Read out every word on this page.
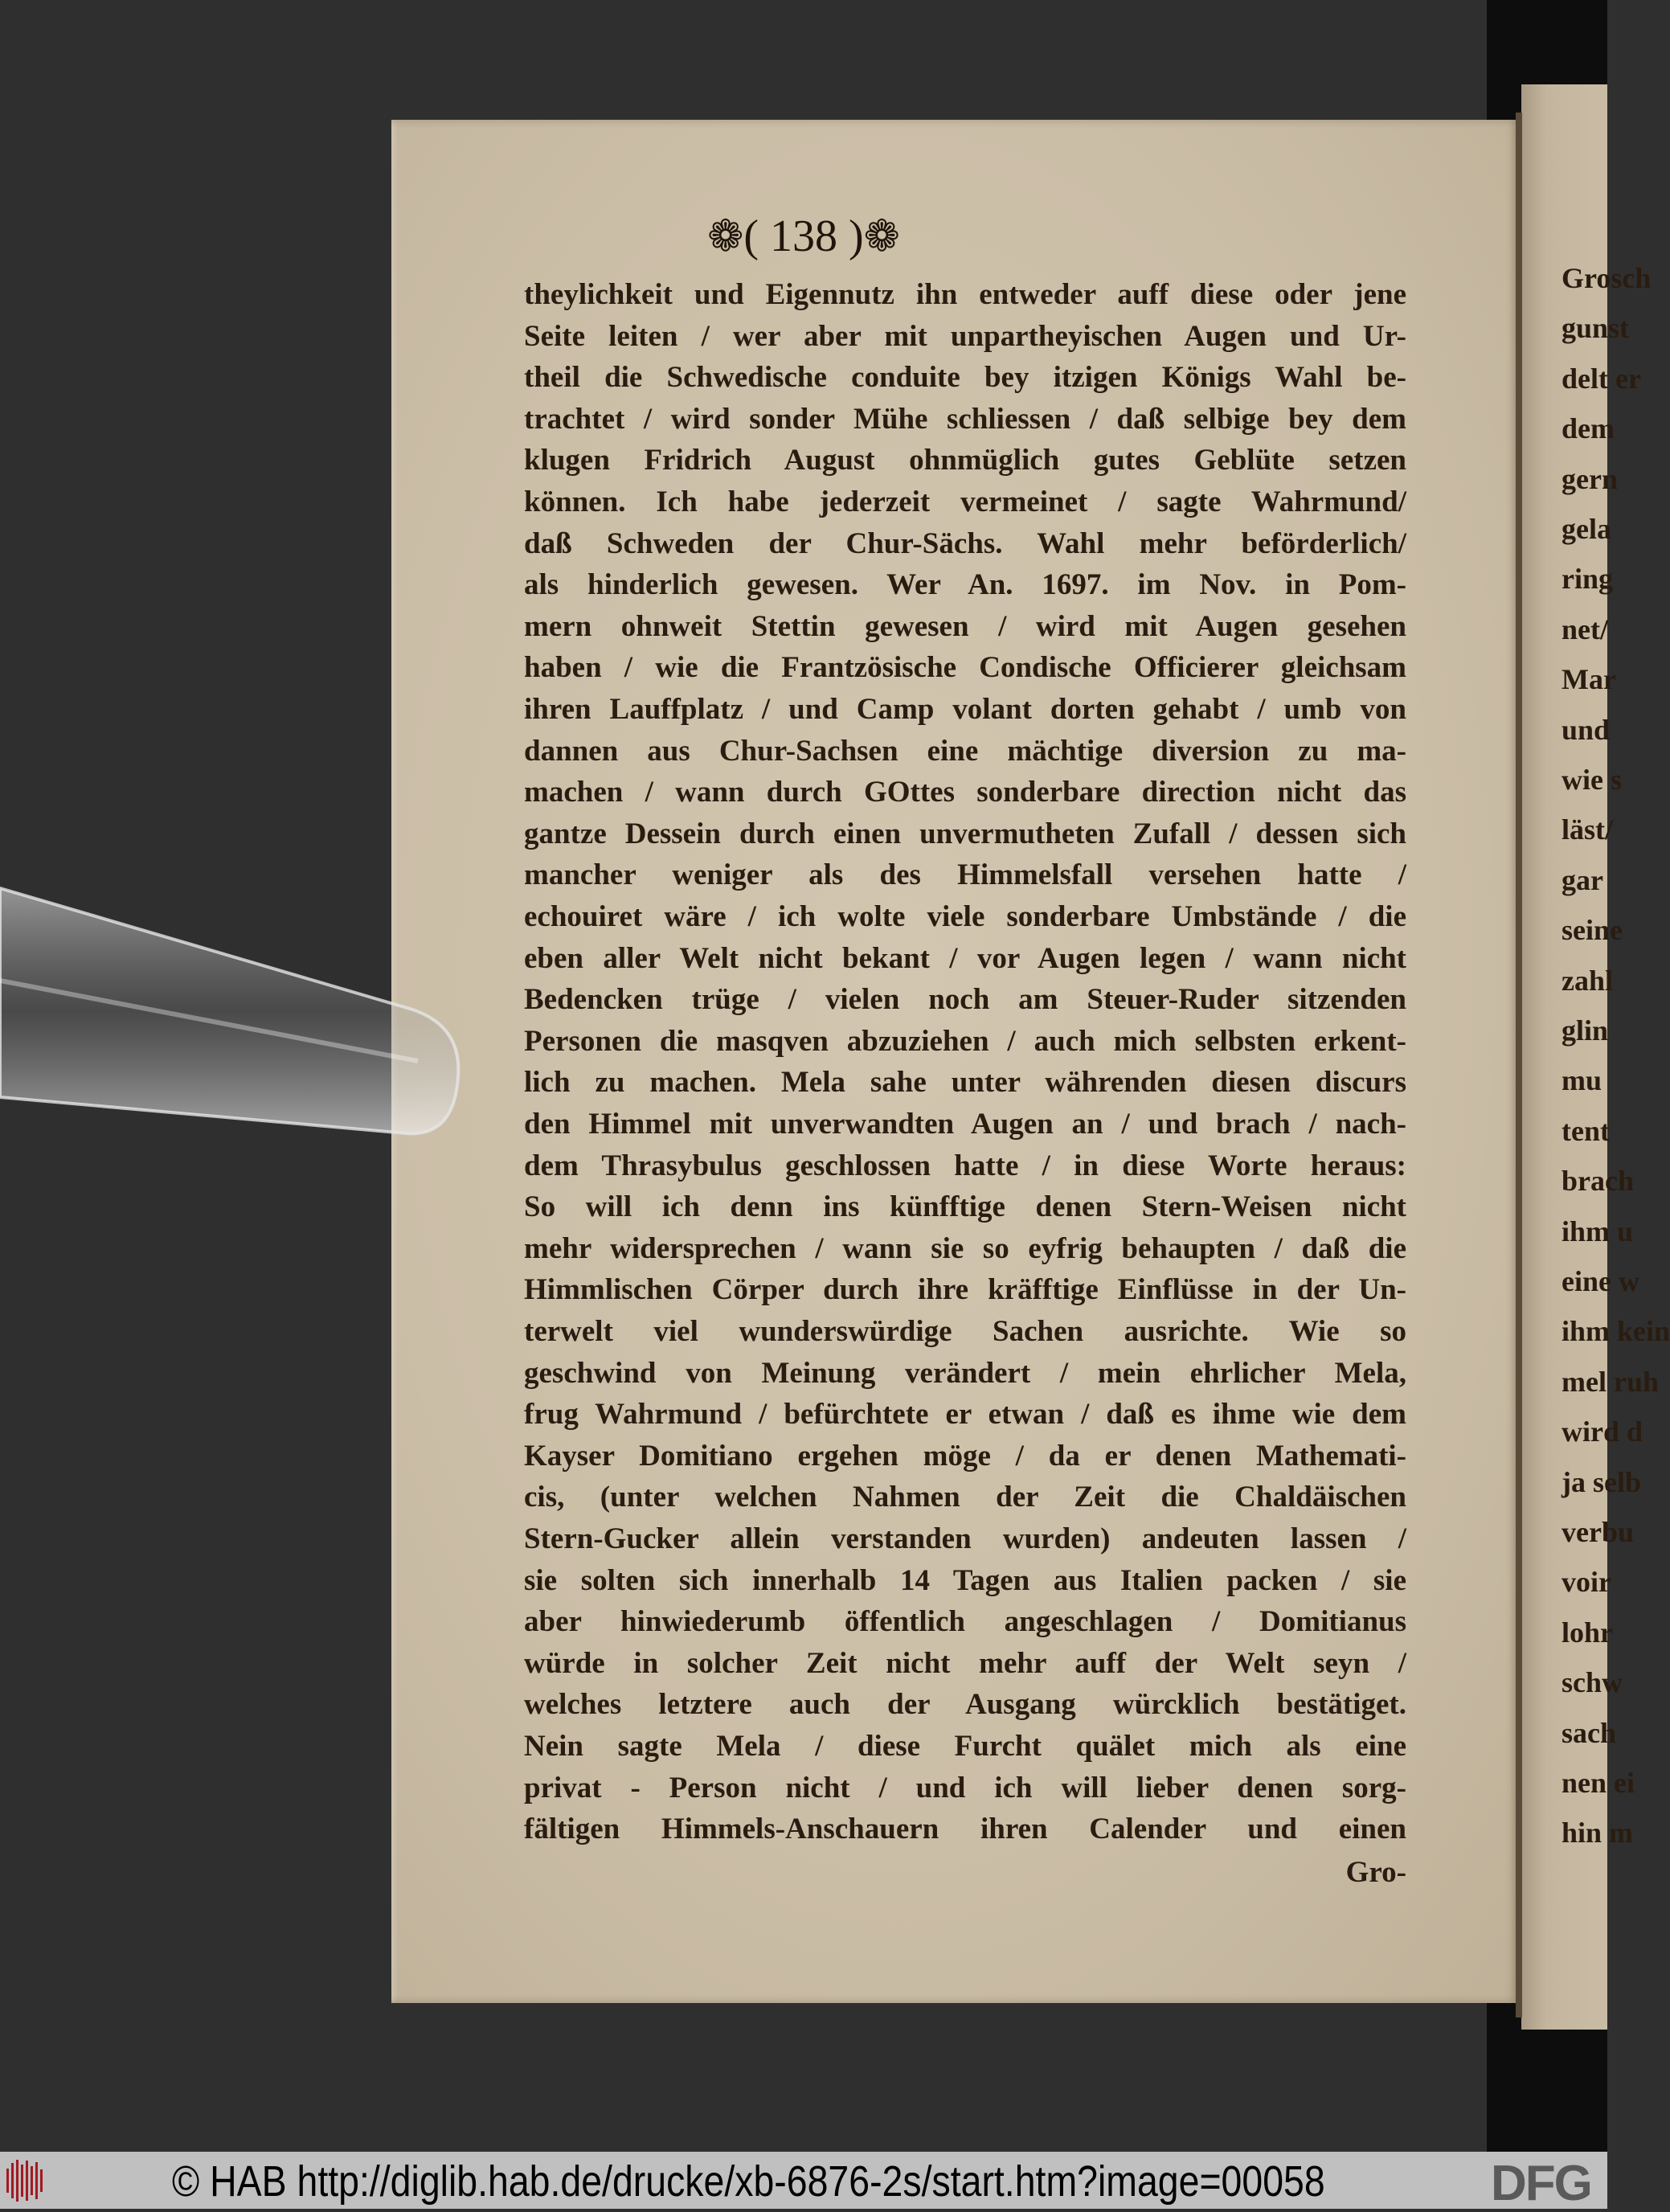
Grosch
gunst
delt er
dem
gern
gela
ring
net/
Mar
und
wie s
läst/
gar
seine
zahl
glin
mu
tent
brach
ihm u
eine w
ihm kein
mel ruh
wird d
ja selb
verbu
voir
lohr
schw
sach
nen ei
hin m
❁( 138 )❁
theylichkeit und Eigennutz ihn entweder auff diese oder jene
Seite leiten / wer aber mit unpartheyischen Augen und Ur-
theil die Schwedische conduite bey itzigen Königs Wahl be-
trachtet / wird sonder Mühe schliessen / daß selbige bey dem
klugen Fridrich August ohnmüglich gutes Geblüte setzen
können. Ich habe jederzeit vermeinet / sagte Wahrmund/
daß Schweden der Chur-Sächs. Wahl mehr beförderlich/
als hinderlich gewesen. Wer An. 1697. im Nov. in Pom-
mern ohnweit Stettin gewesen / wird mit Augen gesehen
haben / wie die Frantzösische Condische Officierer gleichsam
ihren Lauffplatz / und Camp volant dorten gehabt / umb von
dannen aus Chur-Sachsen eine mächtige diversion zu ma-
machen / wann durch GOttes sonderbare direction nicht das
gantze Dessein durch einen unvermutheten Zufall / dessen sich
mancher weniger als des Himmelsfall versehen hatte /
echouiret wäre / ich wolte viele sonderbare Umbstände / die
eben aller Welt nicht bekant / vor Augen legen / wann nicht
Bedencken trüge / vielen noch am Steuer-Ruder sitzenden
Personen die masqven abzuziehen / auch mich selbsten erkent-
lich zu machen. Mela sahe unter währenden diesen discurs
den Himmel mit unverwandten Augen an / und brach / nach-
dem Thrasybulus geschlossen hatte / in diese Worte heraus:
So will ich denn ins künfftige denen Stern-Weisen nicht
mehr widersprechen / wann sie so eyfrig behaupten / daß die
Himmlischen Cörper durch ihre kräfftige Einflüsse in der Un-
terwelt viel wunderswürdige Sachen ausrichte. Wie so
geschwind von Meinung verändert / mein ehrlicher Mela,
frug Wahrmund / befürchtete er etwan / daß es ihme wie dem
Kayser Domitiano ergehen möge / da er denen Mathemati-
cis, (unter welchen Nahmen der Zeit die Chaldäischen
Stern-Gucker allein verstanden wurden) andeuten lassen /
sie solten sich innerhalb 14 Tagen aus Italien packen / sie
aber hinwiederumb öffentlich angeschlagen / Domitianus
würde in solcher Zeit nicht mehr auff der Welt seyn /
welches letztere auch der Ausgang würcklich bestätiget.
Nein sagte Mela / diese Furcht quälet mich als eine
privat - Person nicht / und ich will lieber denen sorg-
fältigen Himmels-Anschauern ihren Calender und einen
Gro-
© HAB http://diglib.hab.de/drucke/xb-6876-2s/start.htm?image=00058	DFG
